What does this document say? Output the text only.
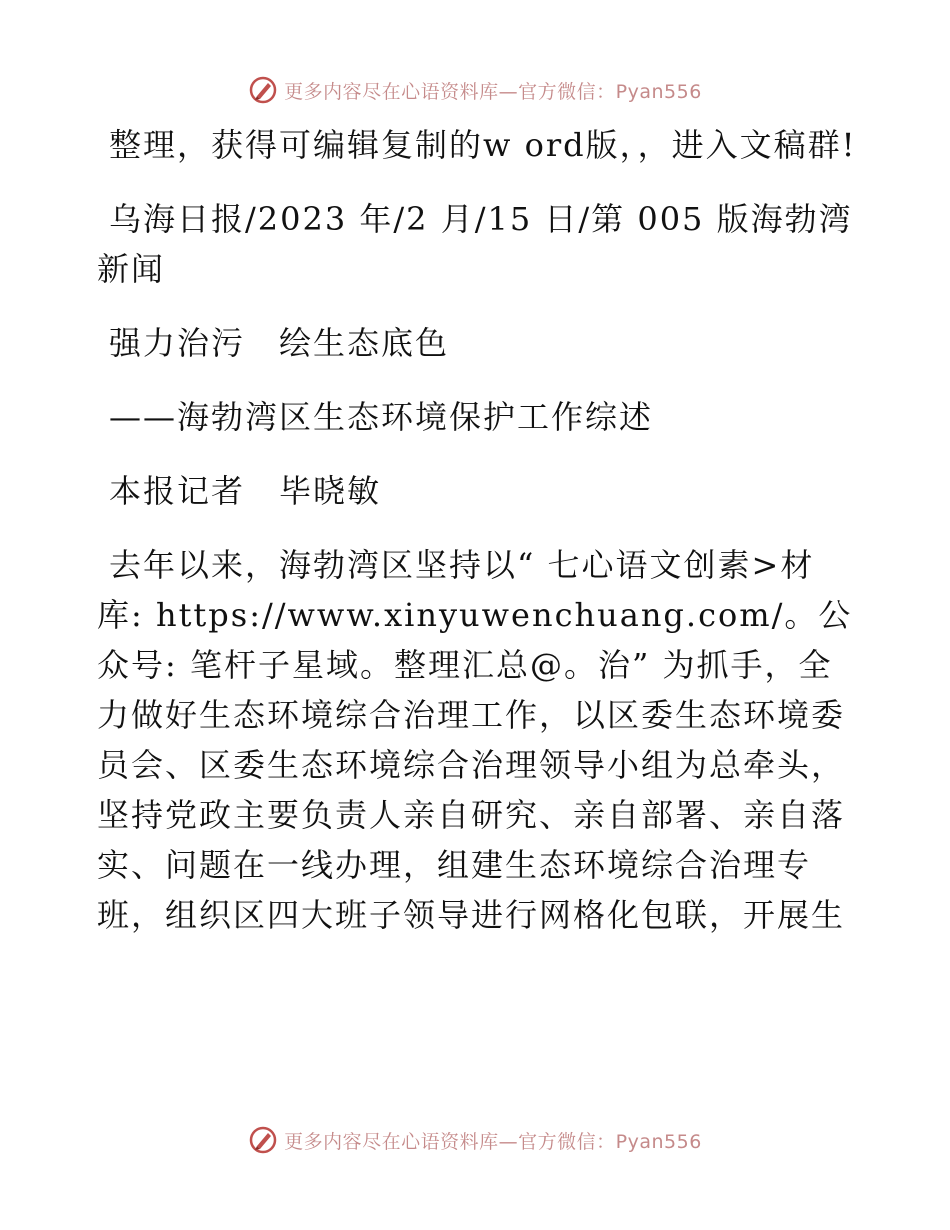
更多内容尽在心语资料库—官方微信：Pyan556

整理，获得可编辑复制的w ord版，，进入文稿群!

乌海日报/2023 年/2 月/15 日/第 005 版海勃湾新闻

强力治污　绘生态底色

——海勃湾区生态环境保护工作综述

本报记者　毕晓敏

去年以来，海勃湾区坚持以“ 七心语文创素>材库: https://www.xinyuwenchuang.com/。公众号: 笔杆子星域。整理汇总@。治” 为抓手，全力做好生态环境综合治理工作，以区委生态环境委员会、区委生态环境综合治理领导小组为总牵头，坚持党政主要负责人亲自研究、亲自部署、亲自落实、问题在一线办理，组建生态环境综合治理专班，组织区四大班子领导进行网格化包联，开展生

更多内容尽在心语资料库—官方微信：Pyan556
